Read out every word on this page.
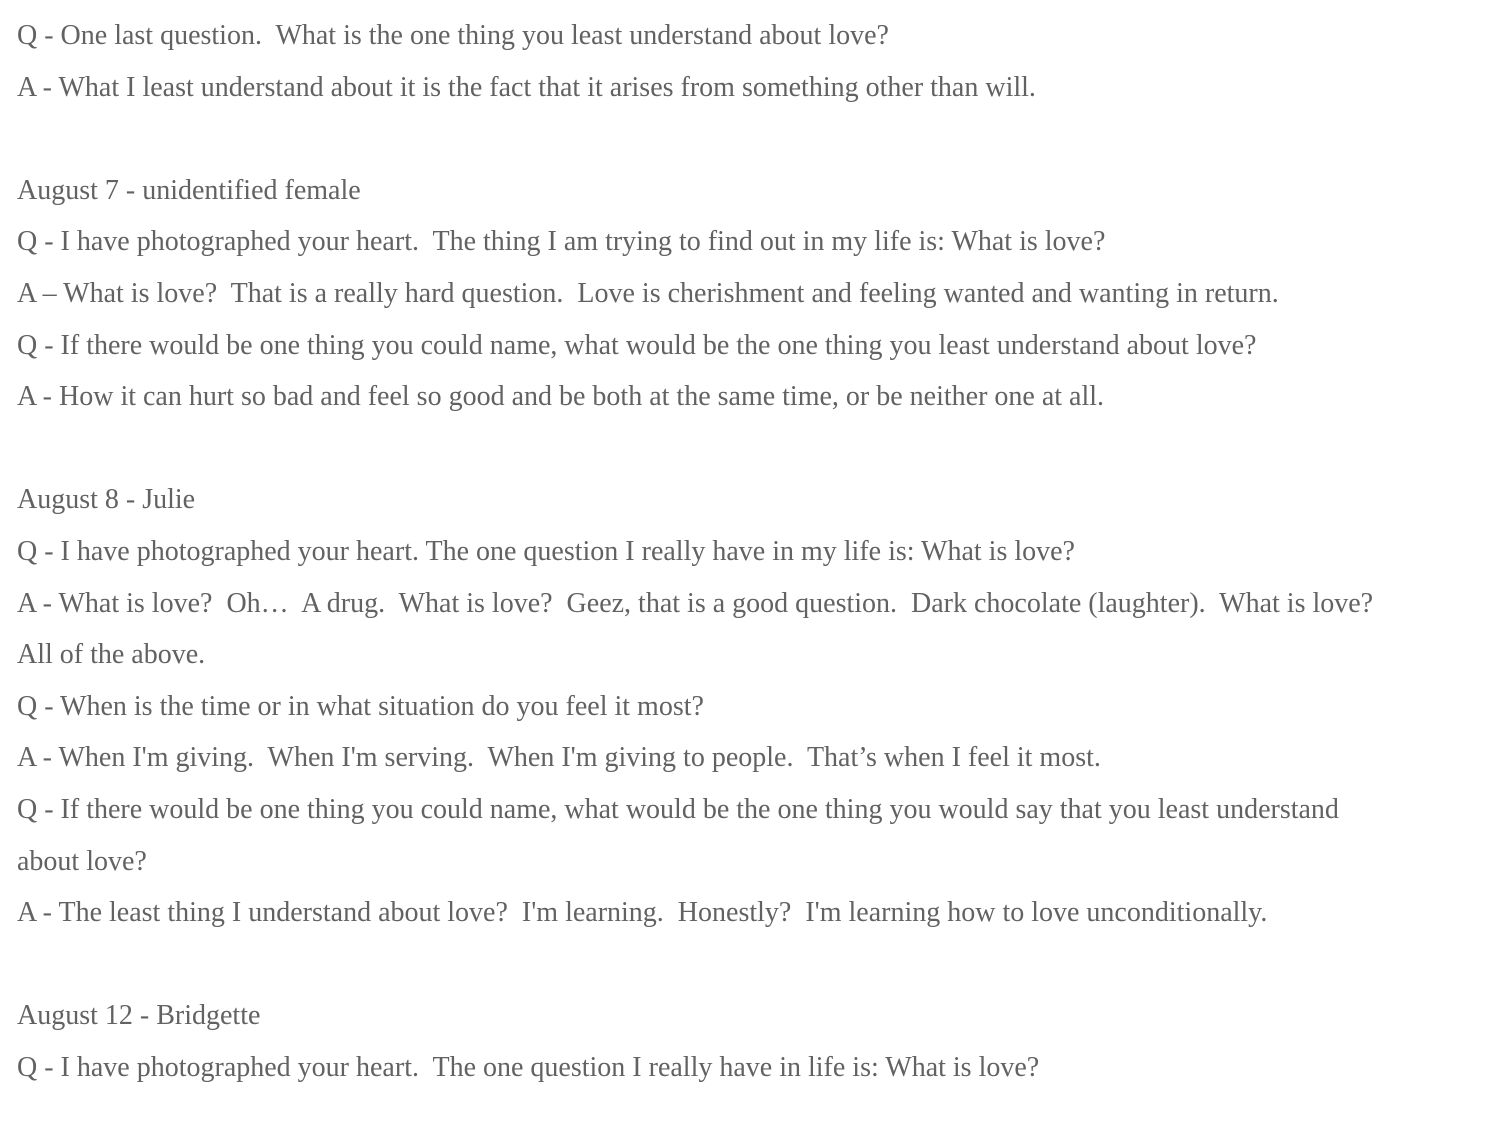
Q - One last question.  What is the one thing you least understand about love?
A - What I least understand about it is the fact that it arises from something other than will.
August 7 - unidentified female
Q - I have photographed your heart.  The thing I am trying to find out in my life is: What is love?
A – What is love?  That is a really hard question.  Love is cherishment and feeling wanted and wanting in return.
Q - If there would be one thing you could name, what would be the one thing you least understand about love?
A - How it can hurt so bad and feel so good and be both at the same time, or be neither one at all.
August 8 - Julie
Q - I have photographed your heart. The one question I really have in my life is: What is love?
A - What is love?  Oh…  A drug.  What is love?  Geez, that is a good question.  Dark chocolate (laughter).  What is love?
All of the above.
Q - When is the time or in what situation do you feel it most?
A - When I'm giving.  When I'm serving.  When I'm giving to people.  That’s when I feel it most.
Q - If there would be one thing you could name, what would be the one thing you would say that you least understand
about love?
A - The least thing I understand about love?  I'm learning.  Honestly?  I'm learning how to love unconditionally.
August 12 - Bridgette
Q - I have photographed your heart.  The one question I really have in life is: What is love?
